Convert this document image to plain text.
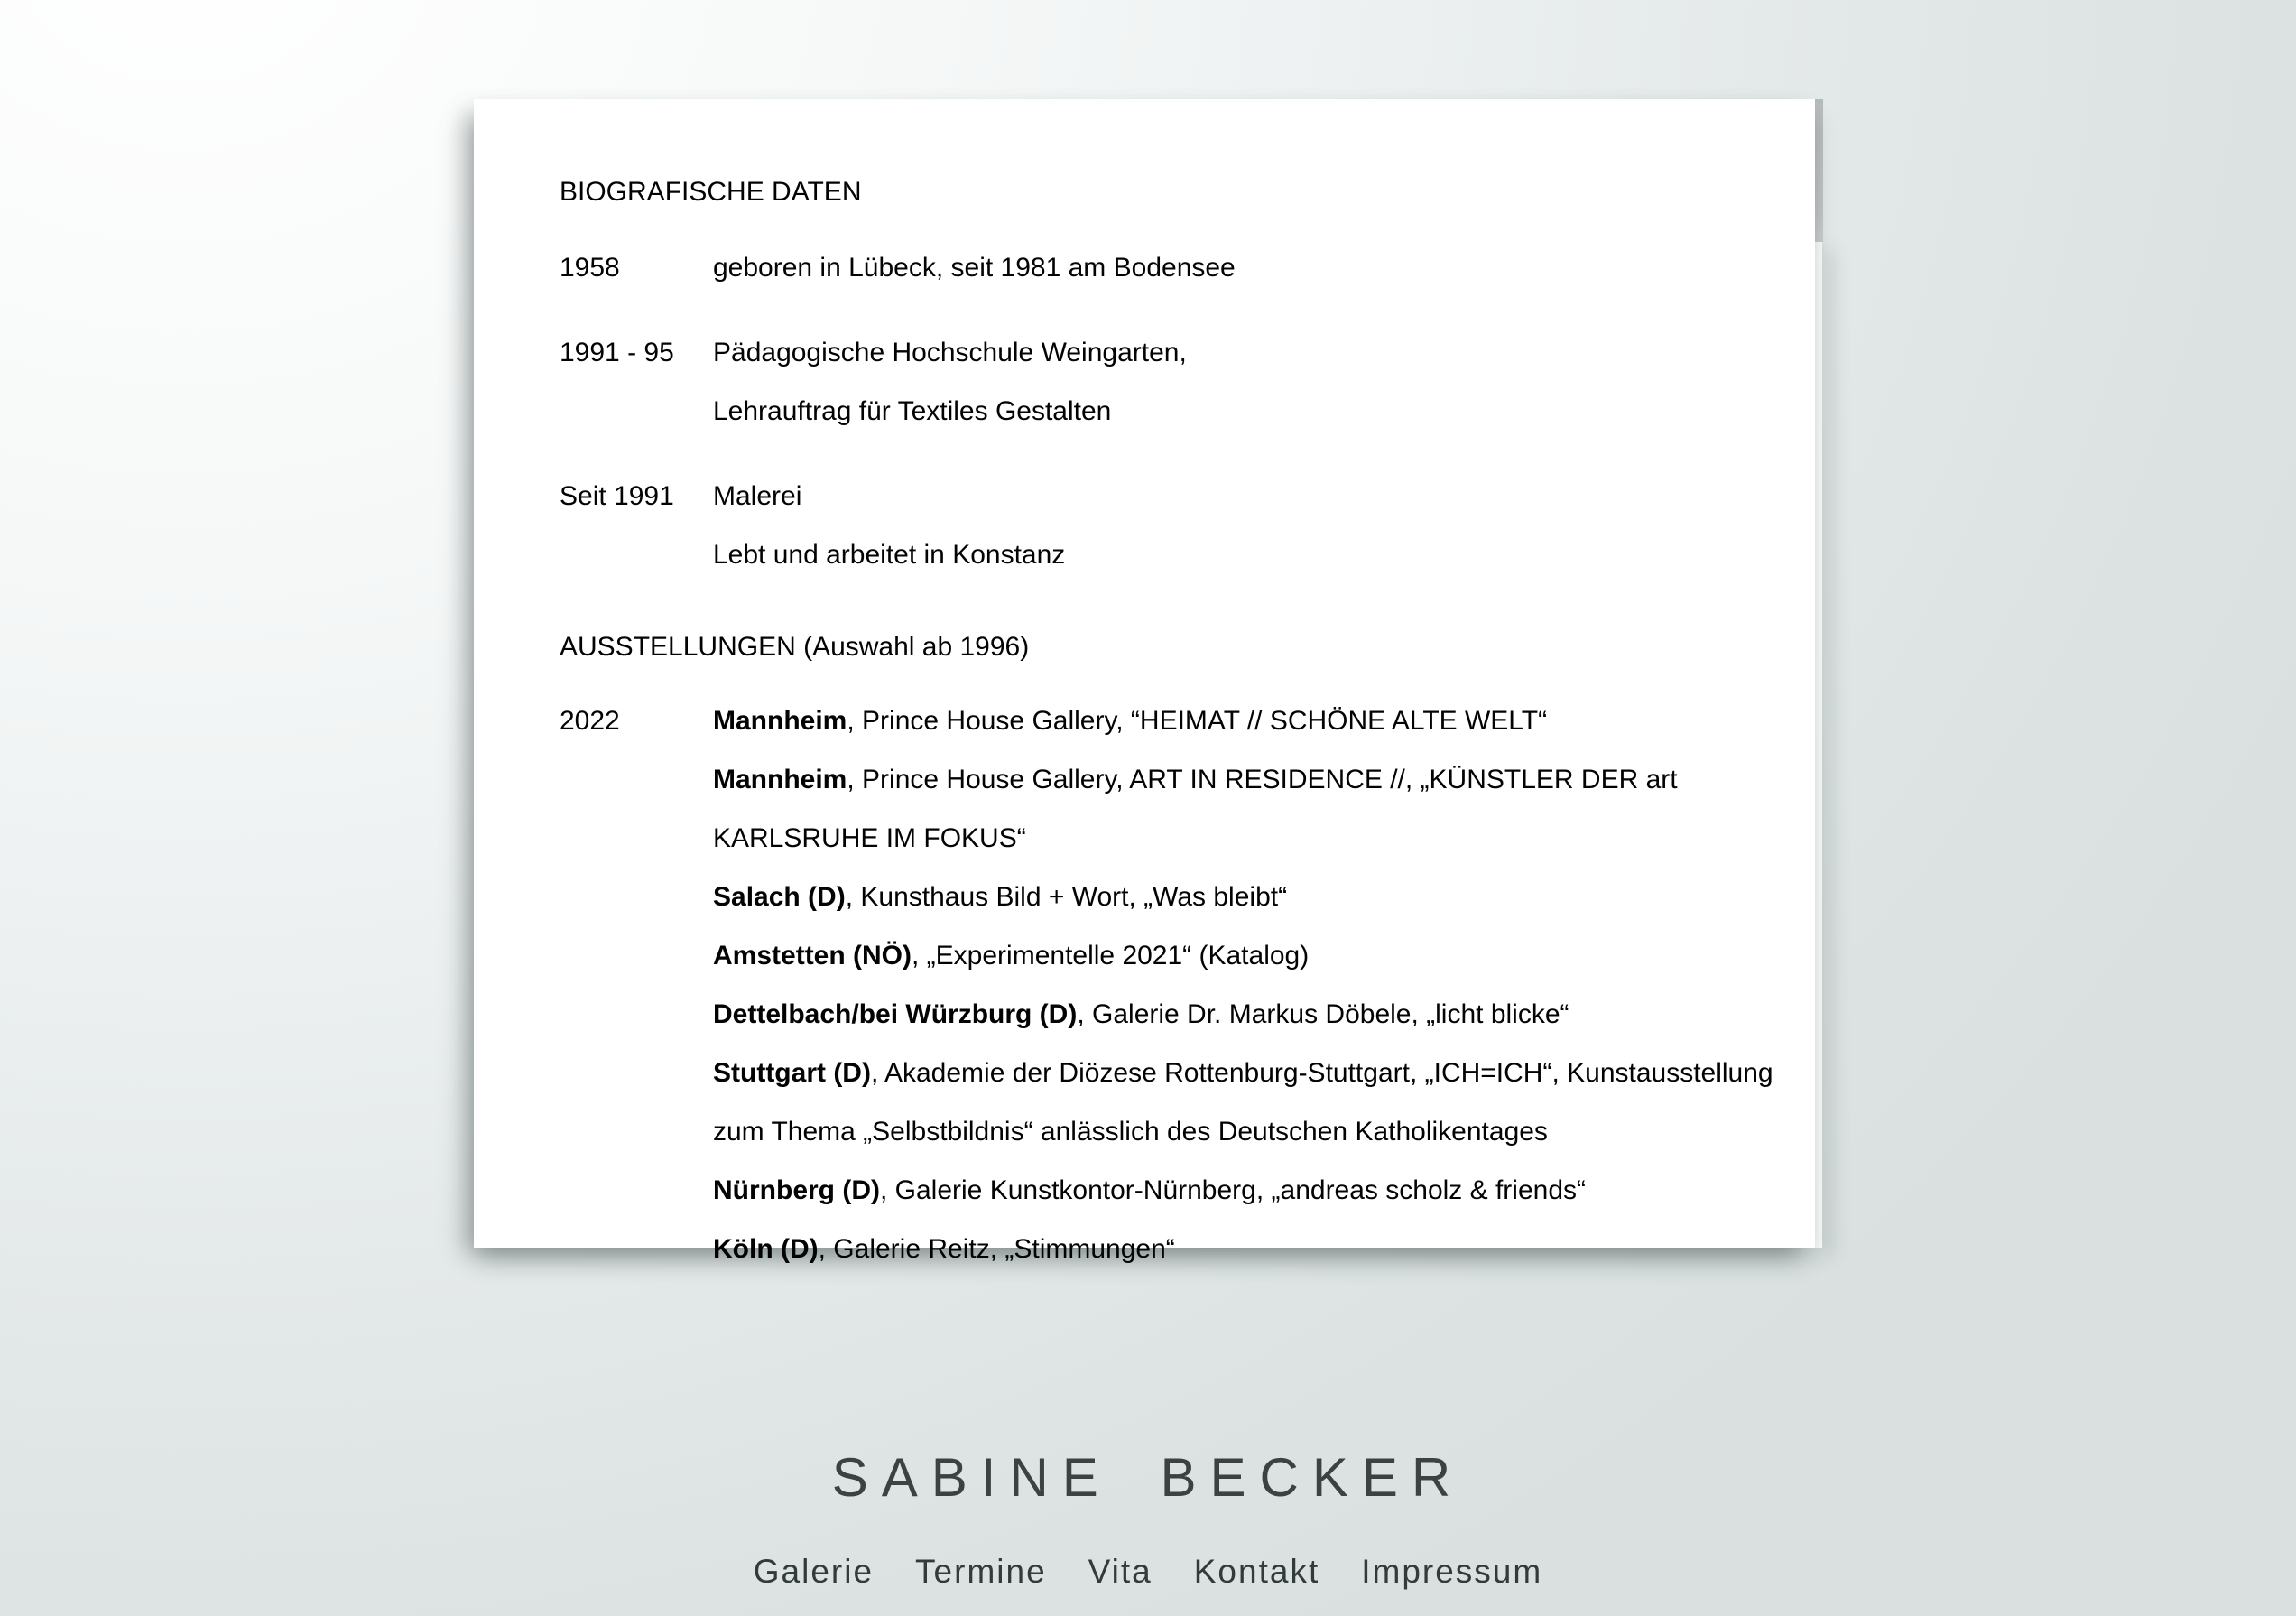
BIOGRAFISCHE DATEN
1958	geboren in Lübeck, seit 1981 am Bodensee
1991 - 95	Pädagogische Hochschule Weingarten,
Lehrauftrag für Textiles Gestalten
Seit 1991	Malerei
Lebt und arbeitet in Konstanz
AUSSTELLUNGEN (Auswahl ab 1996)
2022	Mannheim, Prince House Gallery, “HEIMAT // SCHÖNE ALTE WELT“
Mannheim, Prince House Gallery, ART IN RESIDENCE //, „KÜNSTLER DER art
KARLSRUHE IM FOKUS“
Salach (D), Kunsthaus Bild + Wort, „Was bleibt“
Amstetten (NÖ), „Experimentelle 2021“ (Katalog)
Dettelbach/bei Würzburg (D), Galerie Dr. Markus Döbele, „licht blicke“
Stuttgart (D), Akademie der Diözese Rottenburg-Stuttgart, „ICH=ICH“, Kunstausstellung
zum Thema „Selbstbildnis“ anlässlich des Deutschen Katholikentages
Nürnberg (D), Galerie Kunstkontor-Nürnberg, „andreas scholz & friends“
Köln (D), Galerie Reitz, „Stimmungen“
SABINE BECKER
Galerie Termine Vita Kontakt Impressum
